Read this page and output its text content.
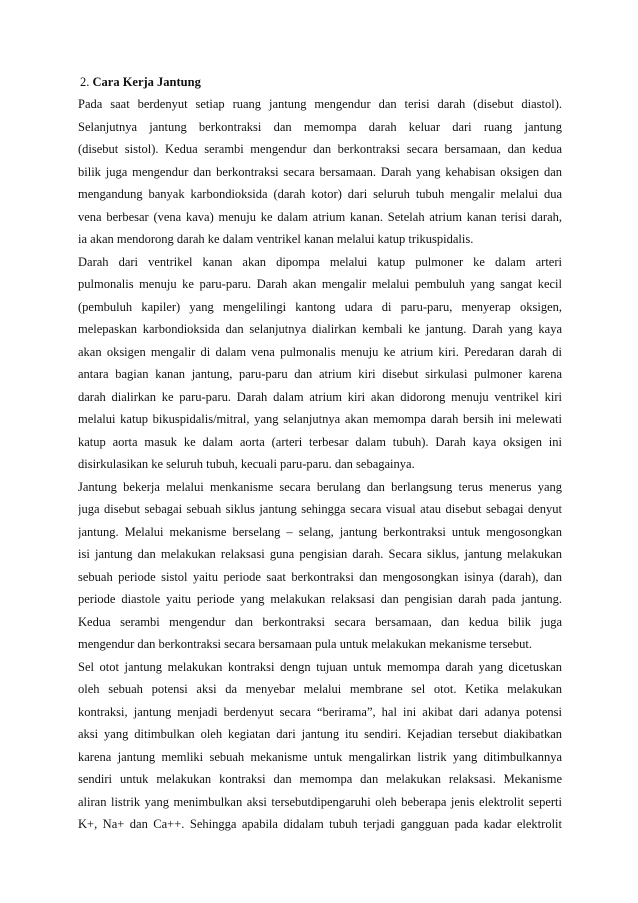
2. Cara Kerja Jantung
Pada saat berdenyut setiap ruang jantung mengendur dan terisi darah (disebut diastol).
Selanjutnya jantung berkontraksi dan memompa darah keluar dari ruang jantung
(disebut sistol). Kedua serambi mengendur dan berkontraksi secara bersamaan, dan kedua
bilik juga mengendur dan berkontraksi secara bersamaan. Darah yang kehabisan oksigen dan
mengandung banyak karbondioksida (darah kotor) dari seluruh tubuh mengalir melalui dua
vena berbesar (vena kava) menuju ke dalam atrium kanan. Setelah atrium kanan terisi darah,
ia akan mendorong darah ke dalam ventrikel kanan melalui katup trikuspidalis.
Darah dari ventrikel kanan akan dipompa melalui katup pulmoner ke dalam arteri
pulmonalis menuju ke paru-paru. Darah akan mengalir melalui pembuluh yang sangat kecil
(pembuluh kapiler) yang mengelilingi kantong udara di paru-paru, menyerap oksigen,
melepaskan karbondioksida dan selanjutnya dialirkan kembali ke jantung. Darah yang kaya
akan oksigen mengalir di dalam vena pulmonalis menuju ke atrium kiri. Peredaran darah di
antara bagian kanan jantung, paru-paru dan atrium kiri disebut sirkulasi pulmoner karena
darah dialirkan ke paru-paru. Darah dalam atrium kiri akan didorong menuju ventrikel kiri
melalui katup bikuspidalis/mitral, yang selanjutnya akan memompa darah bersih ini melewati
katup aorta masuk ke dalam aorta (arteri terbesar dalam tubuh). Darah kaya oksigen ini
disirkulasikan ke seluruh tubuh, kecuali paru-paru. dan sebagainya.
Jantung bekerja melalui menkanisme secara berulang dan berlangsung terus menerus yang
juga disebut sebagai sebuah siklus jantung sehingga secara visual atau disebut sebagai denyut
jantung. Melalui mekanisme berselang – selang, jantung berkontraksi untuk mengosongkan
isi jantung dan melakukan relaksasi guna pengisian darah. Secara siklus, jantung melakukan
sebuah periode sistol yaitu periode saat berkontraksi dan mengosongkan isinya (darah), dan
periode diastole yaitu periode yang melakukan relaksasi dan pengisian darah pada jantung.
Kedua serambi mengendur dan berkontraksi secara bersamaan, dan kedua bilik juga
mengendur dan berkontraksi secara bersamaan pula untuk melakukan mekanisme tersebut.
Sel otot jantung melakukan kontraksi dengn tujuan untuk memompa darah yang dicetuskan
oleh sebuah potensi aksi da menyebar melalui membrane sel otot. Ketika melakukan
kontraksi, jantung menjadi berdenyut secara “berirama”, hal ini akibat dari adanya potensi
aksi yang ditimbulkan oleh kegiatan dari jantung itu sendiri. Kejadian tersebut diakibatkan
karena jantung memliki sebuah mekanisme untuk mengalirkan listrik yang ditimbulkannya
sendiri untuk melakukan kontraksi dan memompa dan melakukan relaksasi. Mekanisme
aliran listrik yang menimbulkan aksi tersebutdipengaruhi oleh beberapa jenis elektrolit seperti
K+, Na+ dan Ca++. Sehingga apabila didalam tubuh terjadi gangguan pada kadar elektrolit
